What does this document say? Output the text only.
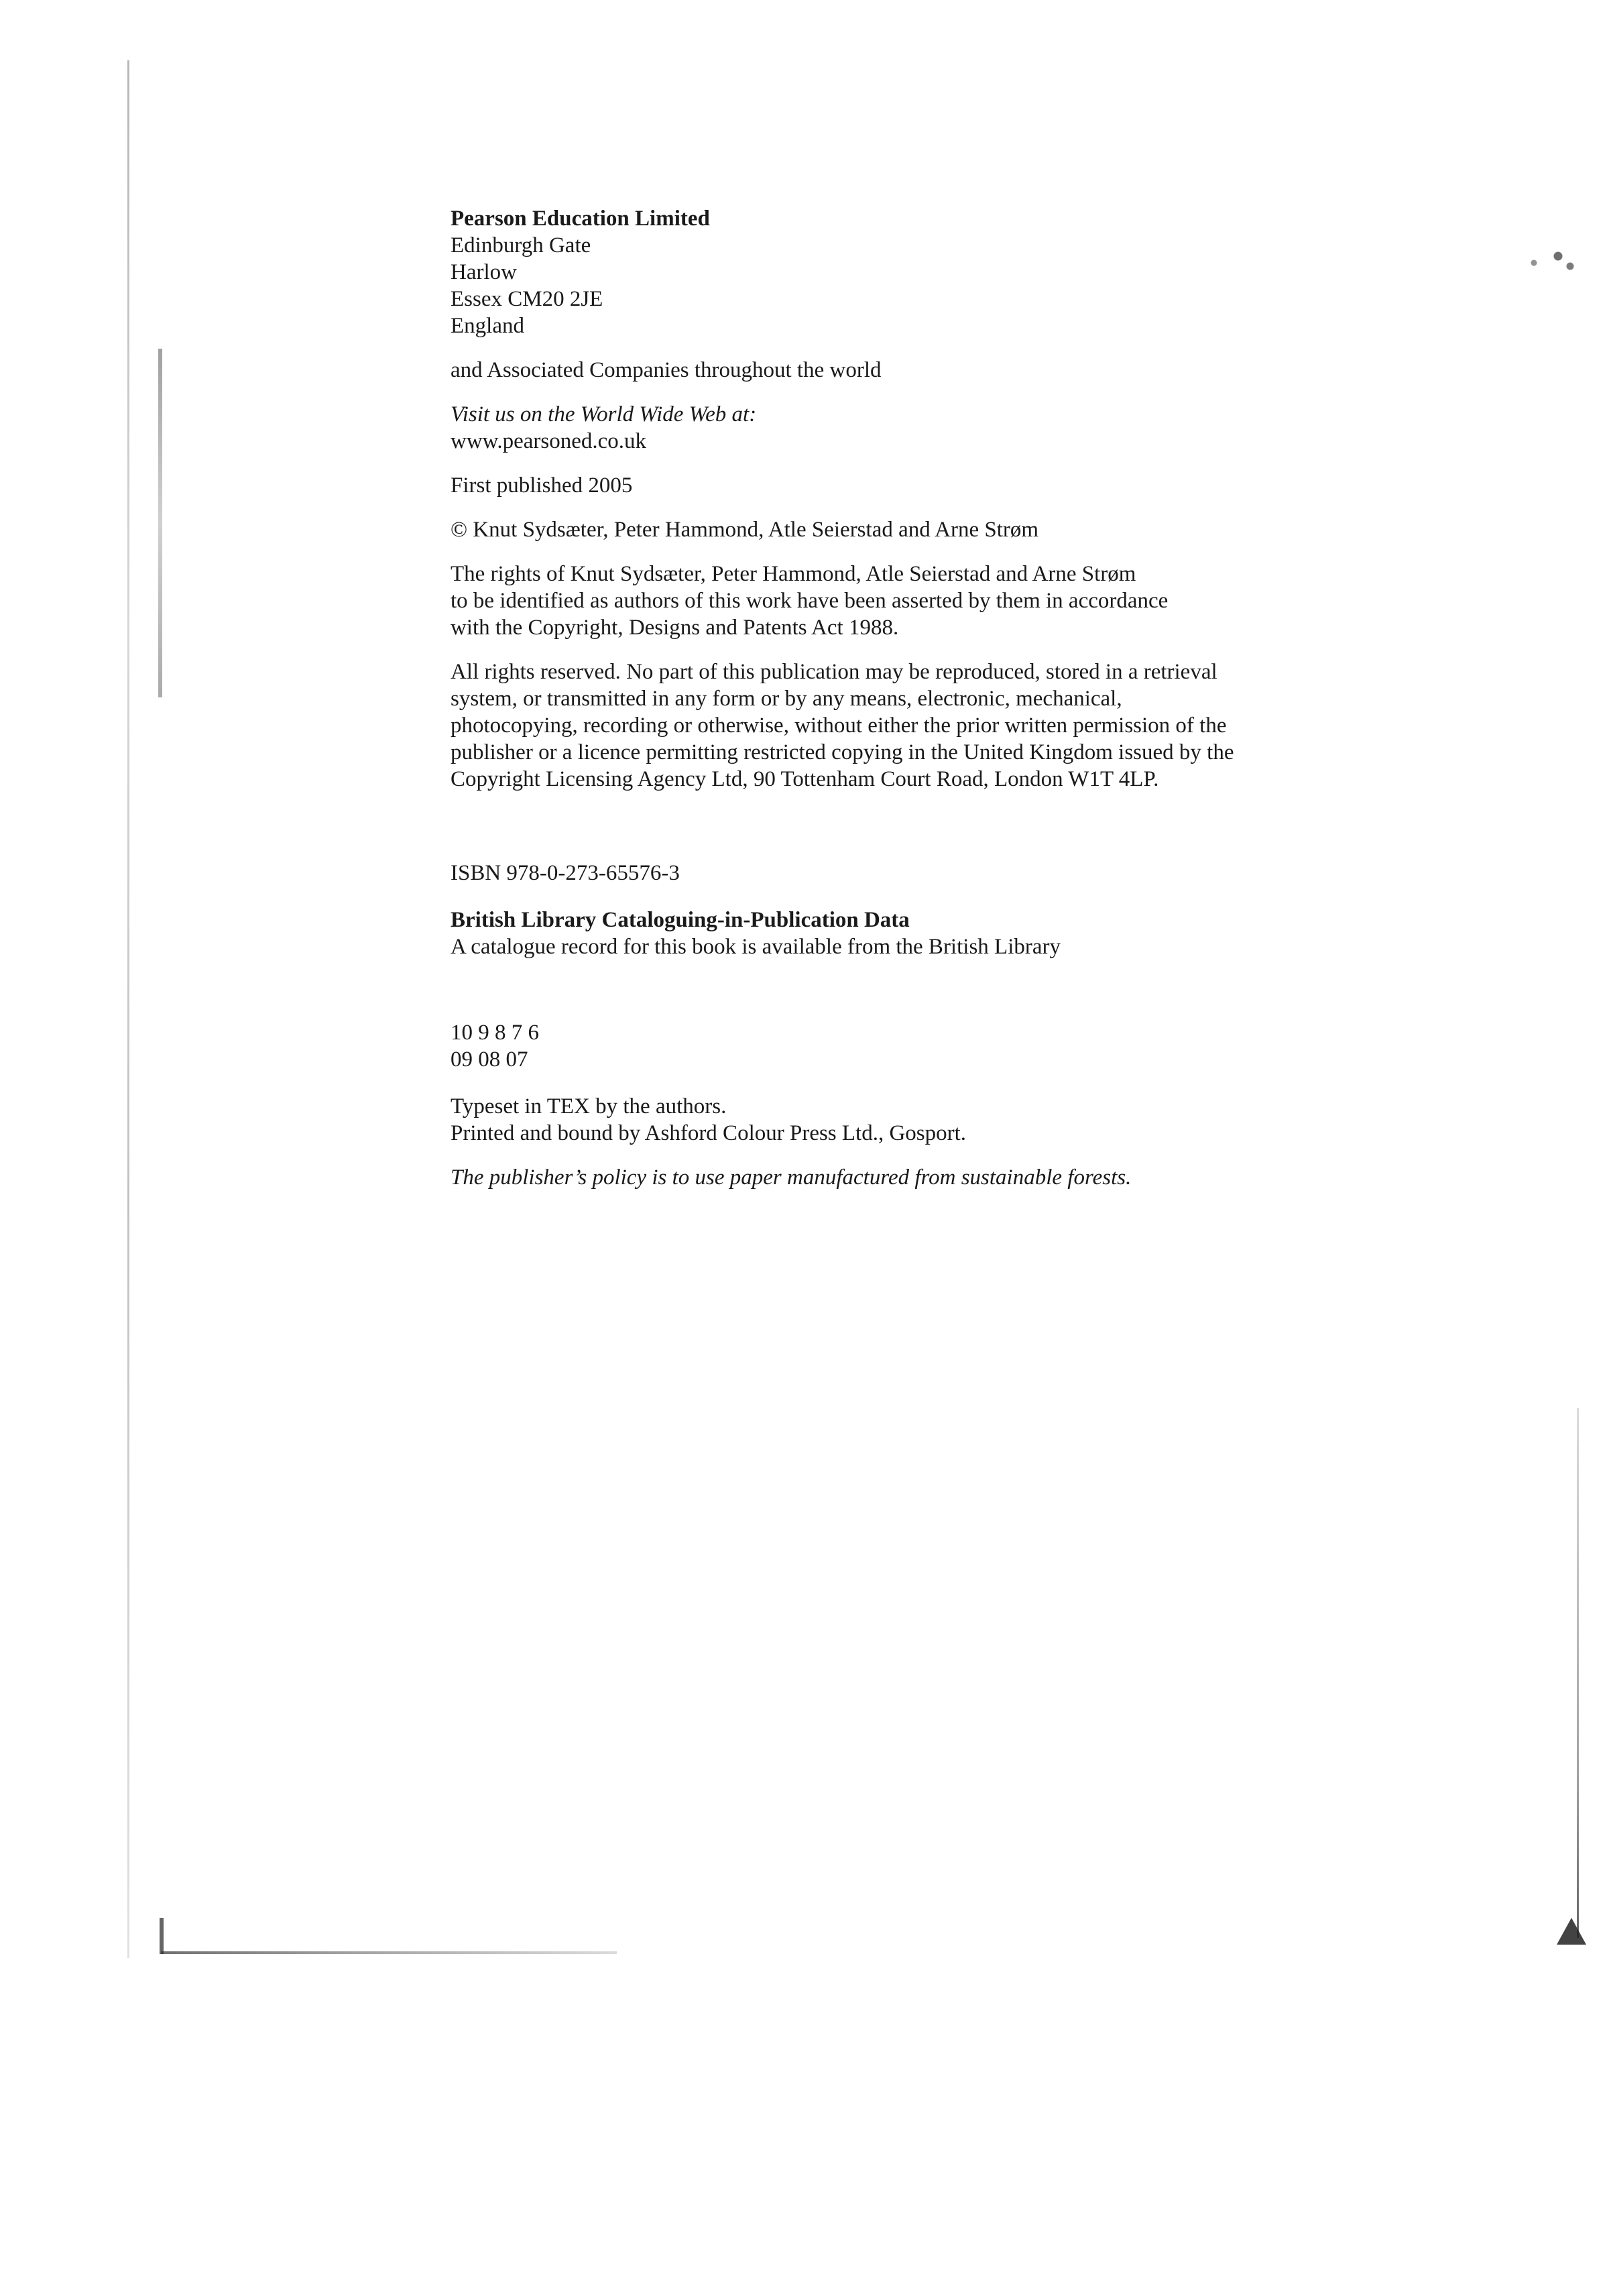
Pearson Education Limited
Edinburgh Gate
Harlow
Essex CM20 2JE
England
and Associated Companies throughout the world
Visit us on the World Wide Web at:
www.pearsoned.co.uk
First published 2005
© Knut Sydsæter, Peter Hammond, Atle Seierstad and Arne Strøm
The rights of Knut Sydsæter, Peter Hammond, Atle Seierstad and Arne Strøm
to be identified as authors of this work have been asserted by them in accordance
with the Copyright, Designs and Patents Act 1988.
All rights reserved. No part of this publication may be reproduced, stored in a retrieval
system, or transmitted in any form or by any means, electronic, mechanical,
photocopying, recording or otherwise, without either the prior written permission of the
publisher or a licence permitting restricted copying in the United Kingdom issued by the
Copyright Licensing Agency Ltd, 90 Tottenham Court Road, London W1T 4LP.
ISBN 978-0-273-65576-3
British Library Cataloguing-in-Publication Data
A catalogue record for this book is available from the British Library
10 9 8 7 6
09 08 07
Typeset in TEX by the authors.
Printed and bound by Ashford Colour Press Ltd., Gosport.
The publisher’s policy is to use paper manufactured from sustainable forests.
